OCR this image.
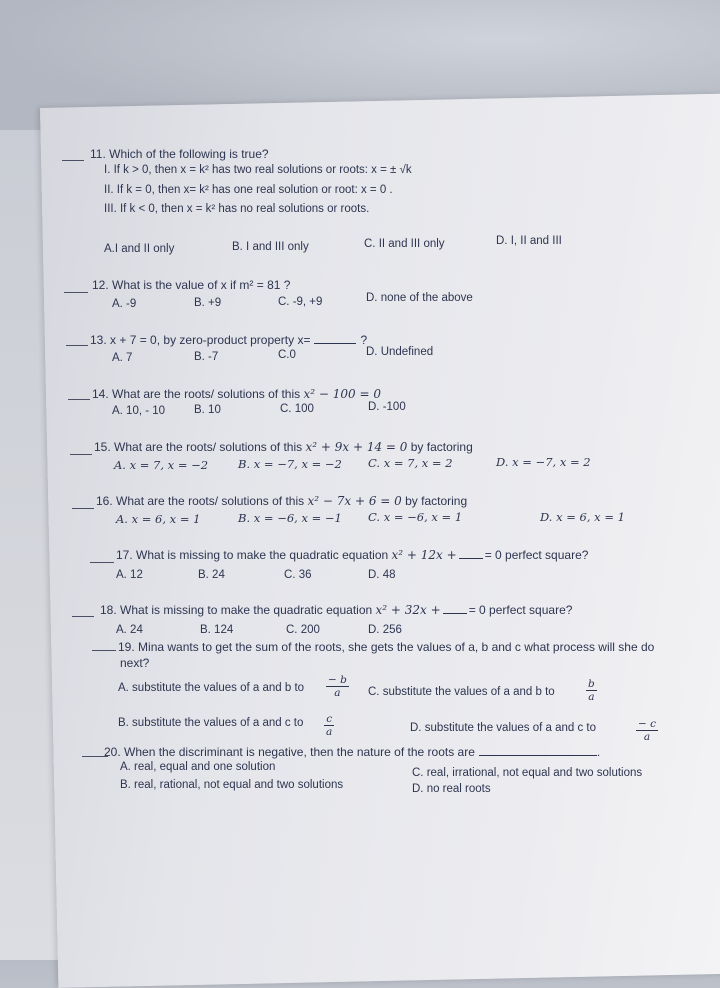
11. Which of the following is true?
I. If k > 0, then x = k² has two real solutions or roots: x = ± √k
II. If k = 0, then x= k² has one real solution or root: x = 0 .
III. If k < 0, then x = k² has no real solutions or roots.
A.I and II only	B. I and III only	C. II and III only	D. I, II and III
12. What is the value of x if m² = 81 ?
A. -9	B. +9	C. -9, +9	D. none of the above
13. x + 7 = 0, by zero-product property x=	?
A. 7	B. -7	C.0	D. Undefined
14. What are the roots/ solutions of this x² − 100 = 0
A. 10, - 10	B. 10	C. 100	D. -100
15. What are the roots/ solutions of this x² + 9x + 14 = 0 by factoring
A. x = 7, x = −2	B. x = −7, x = −2 C. x = 7, x = 2	D. x = −7, x = 2
16. What are the roots/ solutions of this x² − 7x + 6 = 0 by factoring
A. x = 6, x = 1	B. x = −6, x = −1 C. x = −6, x = 1	D. x = 6, x = 1
17. What is missing to make the quadratic equation x² + 12x + = 0 perfect square?
A. 12	B. 24	C. 36	D. 48
18. What is missing to make the quadratic equation x² + 32x + = 0 perfect square?
A. 24	B. 124	C. 200	D. 256
19. Mina wants to get the sum of the roots, she gets the values of a, b and c what process will she do
next?
A. substitute the values of a and b to $\frac{- b}{a}$
B. substitute the values of a and c to $\frac{c}{a}$
C. substitute the values of a and b to	$\frac{b}{a}$
D. substitute the values of a and c to	$\frac{- c}{a}$
20. When the discriminant is negative, then the nature of the roots are	.
A. real, equal and one solution
B. real, rational, not equal and two solutions
C. real, irrational, not equal and two solutions
D. no real roots
